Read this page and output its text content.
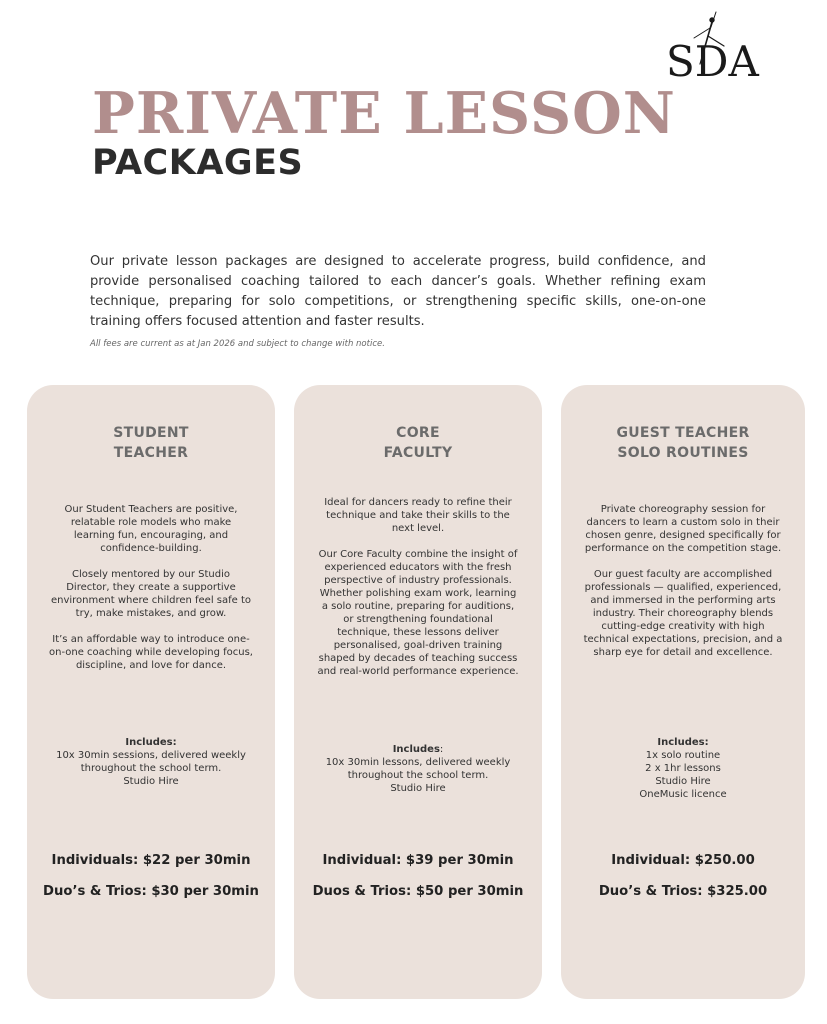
SDA
PRIVATE LESSON
PACKAGES

Our private lesson packages are designed to accelerate progress, build confidence, and provide personalised coaching tailored to each dancer’s goals. Whether refining exam technique, preparing for solo competitions, or strengthening specific skills, one-on-one training offers focused attention and faster results.

All fees are current as at Jan 2026 and subject to change with notice.

STUDENT
TEACHER

Our Student Teachers are positive, relatable role models who make learning fun, encouraging, and confidence-building.

Closely mentored by our Studio Director, they create a supportive environment where children feel safe to try, make mistakes, and grow.

It’s an affordable way to introduce one-on-one coaching while developing focus, discipline, and love for dance.

Includes:
10x 30min sessions, delivered weekly
throughout the school term.
Studio Hire

Individuals: $22 per 30min

Duo’s & Trios: $30 per 30min

CORE
FACULTY

Ideal for dancers ready to refine their technique and take their skills to the next level.

Our Core Faculty combine the insight of experienced educators with the fresh perspective of industry professionals. Whether polishing exam work, learning a solo routine, preparing for auditions, or strengthening foundational technique, these lessons deliver personalised, goal-driven training shaped by decades of teaching success and real-world performance experience.

Includes:
10x 30min lessons, delivered weekly
throughout the school term.
Studio Hire

Individual: $39 per 30min

Duos & Trios: $50 per 30min

GUEST TEACHER
SOLO ROUTINES

Private choreography session for dancers to learn a custom solo in their chosen genre, designed specifically for performance on the competition stage.

Our guest faculty are accomplished professionals — qualified, experienced, and immersed in the performing arts industry. Their choreography blends cutting-edge creativity with high technical expectations, precision, and a sharp eye for detail and excellence.

Includes:
1x solo routine
2 x 1hr lessons
Studio Hire
OneMusic licence

Individual: $250.00

Duo’s & Trios: $325.00
